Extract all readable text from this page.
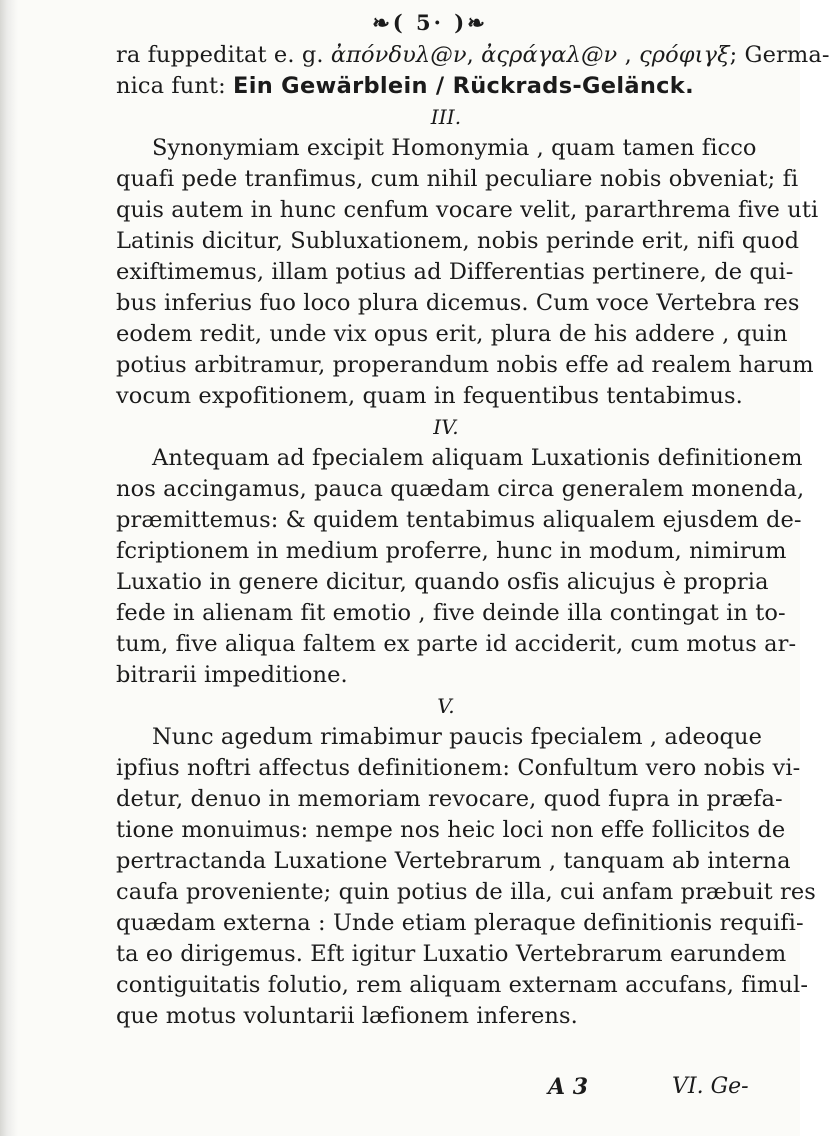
❧( 5· )❧
ra fuppeditat e. g. ἀπόνδυλ@ν, ἀςράγαλ@ν , ςρόφιγξ; Germa-
nica funt: Ein Gewärblein / Rückrads-Gelänck.
III.
Synonymiam excipit Homonymia , quam tamen ficco
quafi pede tranfimus, cum nihil peculiare nobis obveniat; fi
quis autem in hunc cenfum vocare velit, pararthrema five uti
Latinis dicitur, Subluxationem, nobis perinde erit, nifi quod
exiftimemus, illam potius ad Differentias pertinere, de qui-
bus inferius fuo loco plura dicemus. Cum voce Vertebra res
eodem redit, unde vix opus erit, plura de his addere , quin
potius arbitramur, properandum nobis effe ad realem harum
vocum expofitionem, quam in fequentibus tentabimus.
IV.
Antequam ad fpecialem aliquam Luxationis definitionem
nos accingamus, pauca quædam circa generalem monenda,
præmittemus: & quidem tentabimus aliqualem ejusdem de-
fcriptionem in medium proferre, hunc in modum, nimirum
Luxatio in genere dicitur, quando osfis alicujus è propria
fede in alienam fit emotio , five deinde illa contingat in to-
tum, five aliqua faltem ex parte id acciderit, cum motus ar-
bitrarii impeditione.
V.
Nunc agedum rimabimur paucis fpecialem , adeoque
ipfius noftri affectus definitionem: Confultum vero nobis vi-
detur, denuo in memoriam revocare, quod fupra in præfa-
tione monuimus: nempe nos heic loci non effe follicitos de
pertractanda Luxatione Vertebrarum , tanquam ab interna
caufa proveniente; quin potius de illa, cui anfam præbuit res
quædam externa : Unde etiam pleraque definitionis requifi-
ta eo dirigemus. Eft igitur Luxatio Vertebrarum earundem
contiguitatis folutio, rem aliquam externam accufans, fimul-
que motus voluntarii læfionem inferens.
A 3	VI. Ge-
